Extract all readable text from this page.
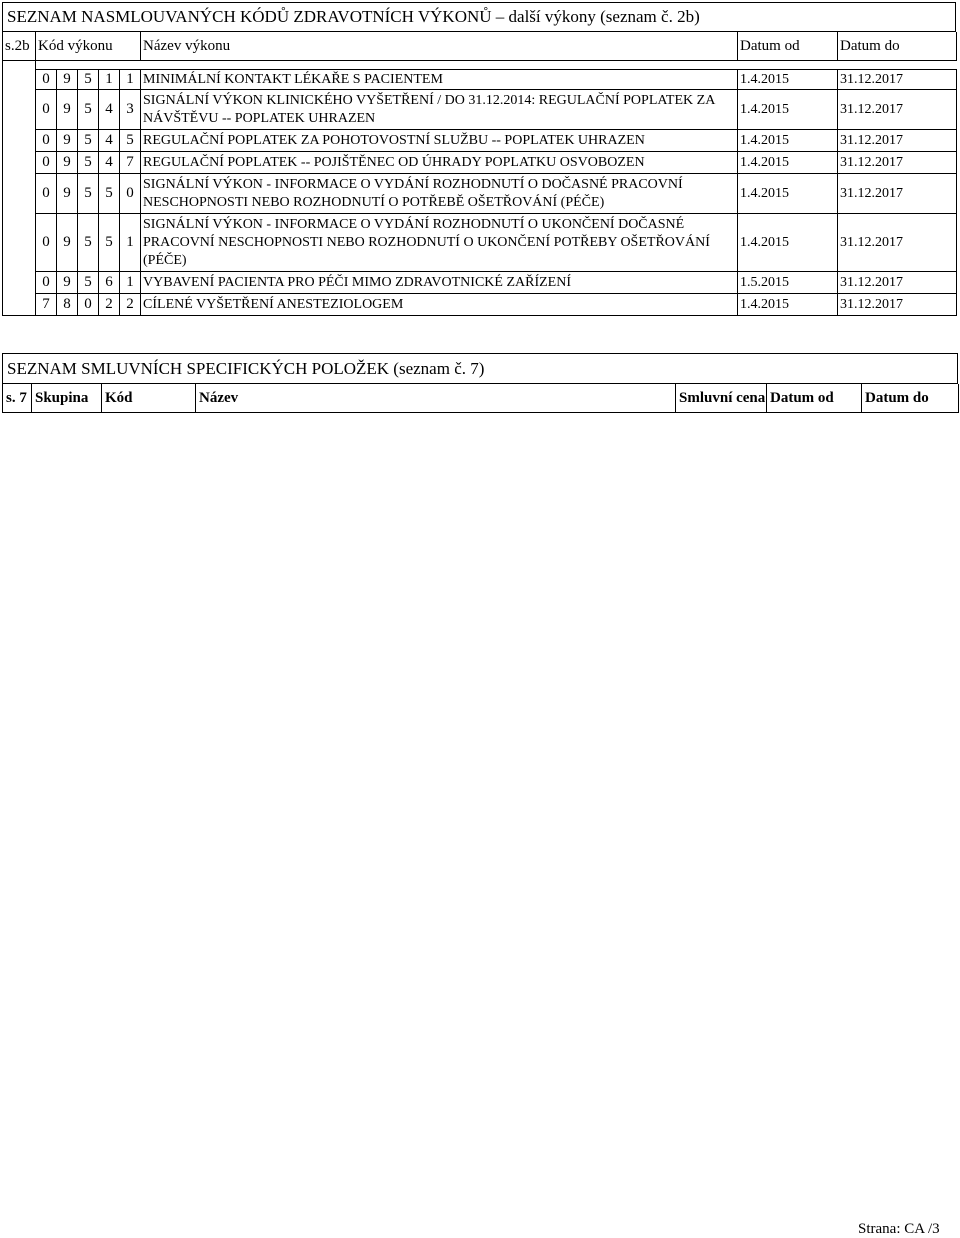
SEZNAM NASMLOUVANÝCH KÓDŮ ZDRAVOTNÍCH VÝKONŮ – další výkony (seznam č. 2b)
s.2b	Kód výkonu					Název výkonu	Datum od	Datum do

	0	9	5	1	1	MINIMÁLNÍ KONTAKT LÉKAŘE S PACIENTEM	1.4.2015	31.12.2017
	0	9	5	4	3	SIGNÁLNÍ VÝKON KLINICKÉHO VYŠETŘENÍ / DO 31.12.2014: REGULAČNÍ POPLATEK ZA NÁVŠTĚVU -- POPLATEK UHRAZEN	1.4.2015	31.12.2017
	0	9	5	4	5	REGULAČNÍ POPLATEK ZA POHOTOVOSTNÍ SLUŽBU -- POPLATEK UHRAZEN	1.4.2015	31.12.2017
	0	9	5	4	7	REGULAČNÍ POPLATEK -- POJIŠTĚNEC OD ÚHRADY POPLATKU OSVOBOZEN	1.4.2015	31.12.2017
	0	9	5	5	0	SIGNÁLNÍ VÝKON - INFORMACE O VYDÁNÍ ROZHODNUTÍ O DOČASNÉ PRACOVNÍ NESCHOPNOSTI NEBO ROZHODNUTÍ O POTŘEBĚ OŠETŘOVÁNÍ (PÉČE)	1.4.2015	31.12.2017
	0	9	5	5	1	SIGNÁLNÍ VÝKON - INFORMACE O VYDÁNÍ ROZHODNUTÍ O UKONČENÍ DOČASNÉ PRACOVNÍ NESCHOPNOSTI NEBO ROZHODNUTÍ O UKONČENÍ POTŘEBY OŠETŘOVÁNÍ (PÉČE)	1.4.2015	31.12.2017
	0	9	5	6	1	VYBAVENÍ PACIENTA PRO PÉČI MIMO ZDRAVOTNICKÉ ZAŘÍZENÍ	1.5.2015	31.12.2017
	7	8	0	2	2	CÍLENÉ VYŠETŘENÍ ANESTEZIOLOGEM	1.4.2015	31.12.2017
SEZNAM SMLUVNÍCH SPECIFICKÝCH POLOŽEK (seznam č. 7)
s. 7	Skupina	Kód	Název	Smluvní cena	Datum od	Datum do
Strana: CA /3
